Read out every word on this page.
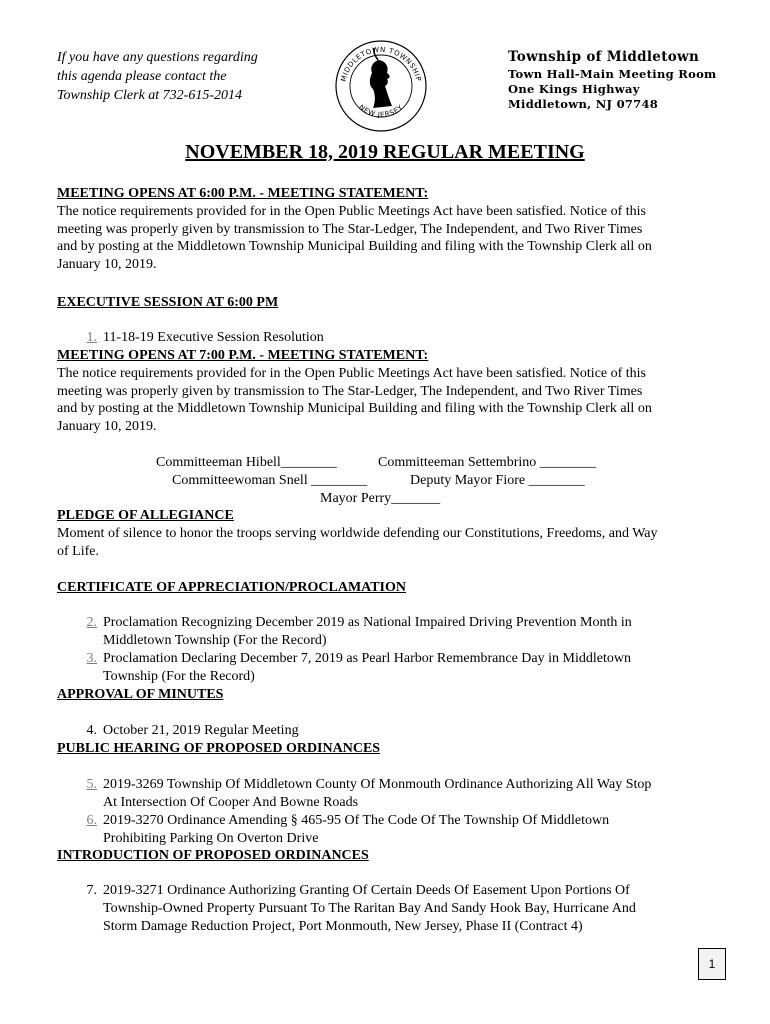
If you have any questions regarding
this agenda please contact the
Township Clerk at 732-615-2014
MIDDLETOWN TOWNSHIP
NEW JERSEY
Township of Middletown
Town Hall-Main Meeting Room
One Kings Highway
Middletown, NJ 07748
NOVEMBER 18, 2019 REGULAR MEETING
MEETING OPENS AT 6:00 P.M. - MEETING STATEMENT:

The notice requirements provided for in the Open Public Meetings Act have been satisfied. Notice of this

meeting was properly given by transmission to The Star-Ledger, The Independent, and Two River Times

and by posting at the Middletown Township Municipal Building and filing with the Township Clerk all on

January 10, 2019.

EXECUTIVE SESSION AT 6:00 PM
1. 11-18-19 Executive Session Resolution
MEETING OPENS AT 7:00 P.M. - MEETING STATEMENT:

The notice requirements provided for in the Open Public Meetings Act have been satisfied. Notice of this

meeting was properly given by transmission to The Star-Ledger, The Independent, and Two River Times

and by posting at the Middletown Township Municipal Building and filing with the Township Clerk all on

January 10, 2019.

Committeeman Hibell________	Committeeman Settembrino ________
Committeewoman Snell ________	Deputy Mayor Fiore ________
Mayor Perry_______
PLEDGE OF ALLEGIANCE

Moment of silence to honor the troops serving worldwide defending our Constitutions, Freedoms, and Way

of Life.

CERTIFICATE OF APPRECIATION/PROCLAMATION
2. Proclamation Recognizing December 2019 as National Impaired Driving Prevention Month in
Middletown Township (For the Record)
3. Proclamation Declaring December 7, 2019 as Pearl Harbor Remembrance Day in Middletown
Township (For the Record)
APPROVAL OF MINUTES
4. October 21, 2019 Regular Meeting
PUBLIC HEARING OF PROPOSED ORDINANCES
5. 2019-3269 Township Of Middletown County Of Monmouth Ordinance Authorizing All Way Stop
At Intersection Of Cooper And Bowne Roads
6. 2019-3270 Ordinance Amending § 465-95 Of The Code Of The Township Of Middletown
Prohibiting Parking On Overton Drive
INTRODUCTION OF PROPOSED ORDINANCES
7. 2019-3271 Ordinance Authorizing Granting Of Certain Deeds Of Easement Upon Portions Of
Township-Owned Property Pursuant To The Raritan Bay And Sandy Hook Bay, Hurricane And
Storm Damage Reduction Project, Port Monmouth, New Jersey, Phase II (Contract 4)
1
